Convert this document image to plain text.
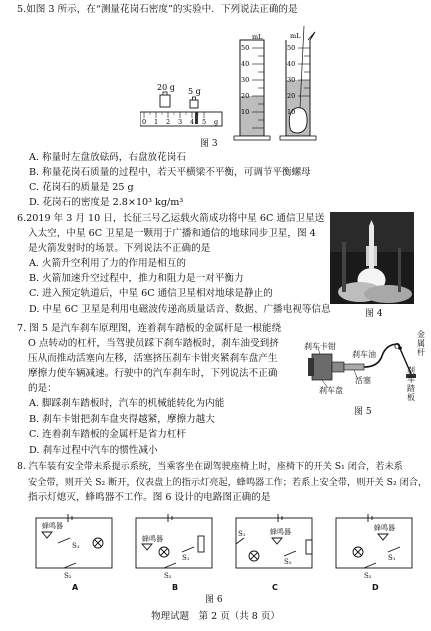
5.如图 3 所示，在“测量花岗石密度”的实验中．下列说法正确的是
20 g 5 g
0 1 2 3 4 5 g
mL
50
40
30
20
10
mL
50
40
30
20
10
图 3
A. 称量时左盘放砝码，右盘放花岗石
B. 称量花岗石质量的过程中，若天平横梁不平衡，可调节平衡螺母
C. 花岗石的质量是 25 g
D. 花岗石的密度是 2.8×10³ kg/m³
6.2019 年 3 月 10 日，长征三号乙运载火箭成功将中星 6C 通信卫星送
入太空，中星 6C 卫星是一颗用于广播和通信的地球同步卫星，图 4
是火箭发射时的场景。下列说法不正确的是
A. 火箭升空利用了力的作用是相互的
B. 火箭加速升空过程中，推力和阻力是一对平衡力
C. 进入预定轨道后，中星 6C 通信卫星相对地球是静止的
D. 中星 6C 卫星是利用电磁波传递高质量话音、数据、广播电视等信息	图 4
7. 图 5 是汽车刹车原理图，连着刹车踏板的金属杆是一根能绕
O 点转动的杠杆，当驾驶员踩下刹车踏板时，刹车油受到挤
压从而推动活塞向左移，活塞挤压刹车卡钳夹紧刹车盘产生
摩擦力使车辆减速。行驶中的汽车刹车时，下列说法不正确
的是：
A. 脚踩刹车踏板时，汽车的机械能转化为内能
B. 刹车卡钳把刹车盘夹得越紧，摩擦力越大
C. 连着刹车踏板的金属杆是省力杠杆
D. 刹车过程中汽车的惯性减小
刹车卡钳
刹车油
活塞
刹车盘
O
金属杆
刹车踏板
图 5
8. 汽车装有安全带未系提示系统，当乘客坐在副驾驶座椅上时，座椅下的开关 S₁ 闭合，若未系
安全带，则开关 S₂ 断开，仪表盘上的指示灯亮起，蜂鸣器工作；若系上安全带，则开关 S₂ 闭合，
指示灯熄灭，蜂鸣器不工作。图 6 设计的电路图正确的是
蜂鸣器
S₁
S₂
蜂鸣器
S₁
S₂
蜂鸣器
S₁
S₂
蜂鸣器
S₁
S₂
A	B	C	D
图 6
物理试题　第 2 页（共 8 页）
